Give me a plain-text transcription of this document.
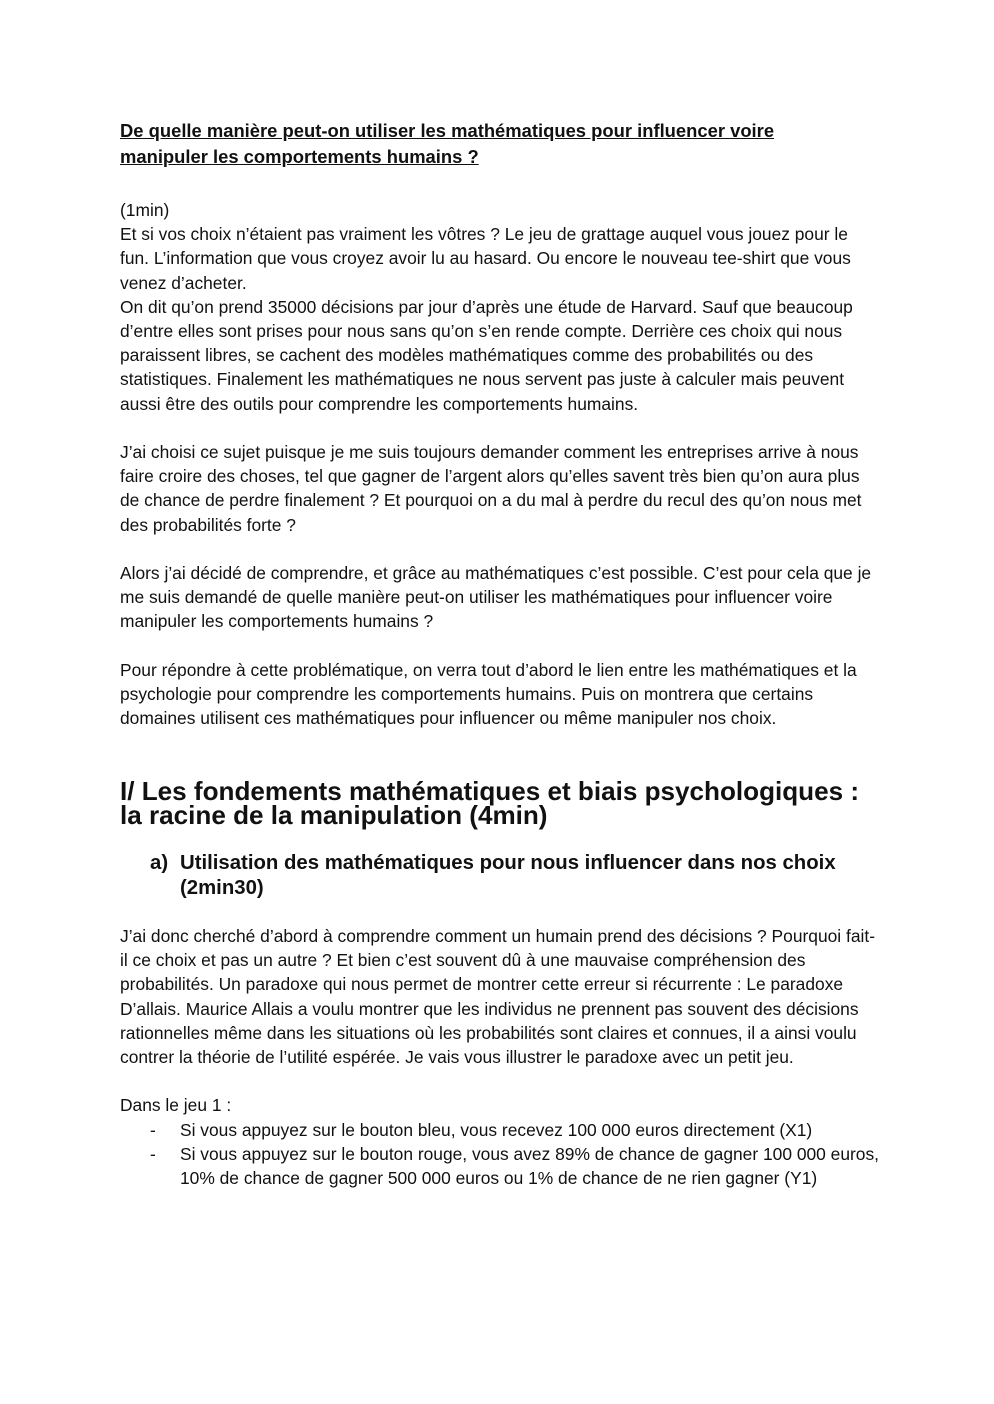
De quelle manière peut-on utiliser les mathématiques pour influencer voire manipuler les comportements humains ?

(1min)

Et si vos choix n’étaient pas vraiment les vôtres ? Le jeu de grattage auquel vous jouez pour le fun. L’information que vous croyez avoir lu au hasard. Ou encore le nouveau tee-shirt que vous venez d’acheter.

On dit qu’on prend 35000 décisions par jour d’après une étude de Harvard. Sauf que beaucoup d’entre elles sont prises pour nous sans qu’on s’en rende compte. Derrière ces choix qui nous paraissent libres, se cachent des modèles mathématiques comme des probabilités ou des statistiques. Finalement les mathématiques ne nous servent pas juste à calculer mais peuvent aussi être des outils pour comprendre les comportements humains.

J’ai choisi ce sujet puisque je me suis toujours demander comment les entreprises arrive à nous faire croire des choses, tel que gagner de l’argent alors qu’elles savent très bien qu’on aura plus de chance de perdre finalement ? Et pourquoi on a du mal à perdre du recul des qu’on nous met des probabilités forte ?

Alors j’ai décidé de comprendre, et grâce au mathématiques c’est possible. C’est pour cela que je me suis demandé de quelle manière peut-on utiliser les mathématiques pour influencer voire manipuler les comportements humains ?

Pour répondre à cette problématique, on verra tout d’abord le lien entre les mathématiques et la psychologie pour comprendre les comportements humains. Puis on montrera que certains domaines utilisent ces mathématiques pour influencer ou même manipuler nos choix.

I/ Les fondements mathématiques et biais psychologiques : la racine de la manipulation (4min)
a) Utilisation des mathématiques pour nous influencer dans nos choix (2min30)

J’ai donc cherché d’abord à comprendre comment un humain prend des décisions ? Pourquoi fait-il ce choix et pas un autre ? Et bien c’est souvent dû à une mauvaise compréhension des probabilités. Un paradoxe qui nous permet de montrer cette erreur si récurrente : Le paradoxe D’allais. Maurice Allais a voulu montrer que les individus ne prennent pas souvent des décisions rationnelles même dans les situations où les probabilités sont claires et connues, il a ainsi voulu contrer la théorie de l’utilité espérée. Je vais vous illustrer le paradoxe avec un petit jeu.

Dans le jeu 1 :

-	Si vous appuyez sur le bouton bleu, vous recevez 100 000 euros directement (X1)
-	Si vous appuyez sur le bouton rouge, vous avez 89% de chance de gagner 100 000 euros, 10% de chance de gagner 500 000 euros ou 1% de chance de ne rien gagner (Y1)
